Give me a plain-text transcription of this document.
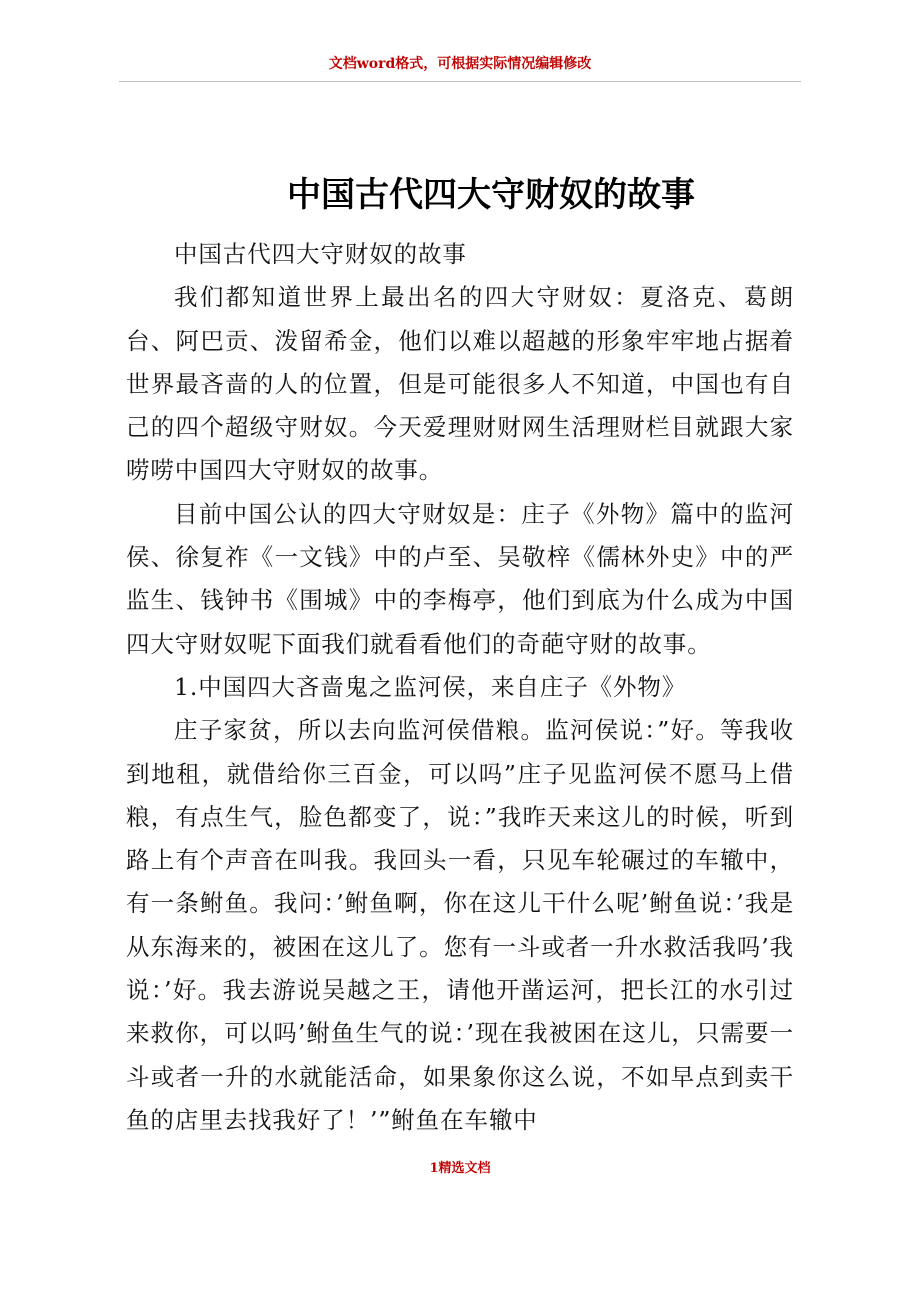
文档word格式，可根据实际情况编辑修改
中国古代四大守财奴的故事

中国古代四大守财奴的故事

我们都知道世界上最出名的四大守财奴：夏洛克、葛朗台、阿巴贡、泼留希金，他们以难以超越的形象牢牢地占据着世界最吝啬的人的位置，但是可能很多人不知道，中国也有自己的四个超级守财奴。今天爱理财财网生活理财栏目就跟大家唠唠中国四大守财奴的故事。

目前中国公认的四大守财奴是：庄子《外物》篇中的监河侯、徐复祚《一文钱》中的卢至、吴敬梓《儒林外史》中的严监生、钱钟书《围城》中的李梅亭，他们到底为什么成为中国四大守财奴呢下面我们就看看他们的奇葩守财的故事。

1.中国四大吝啬鬼之监河侯，来自庄子《外物》

庄子家贫，所以去向监河侯借粮。监河侯说：”好。等我收到地租，就借给你三百金，可以吗”庄子见监河侯不愿马上借粮，有点生气，脸色都变了，说：”我昨天来这儿的时候，听到路上有个声音在叫我。我回头一看，只见车轮碾过的车辙中，有一条鲋鱼。我问：’鲋鱼啊，你在这儿干什么呢’鲋鱼说：’我是从东海来的，被困在这儿了。您有一斗或者一升水救活我吗’我说：’好。我去游说吴越之王，请他开凿运河，把长江的水引过来救你，可以吗’鲋鱼生气的说：’现在我被困在这儿，只需要一斗或者一升的水就能活命，如果象你这么说，不如早点到卖干鱼的店里去找我好了！’”鲋鱼在车辙中

1精选文档
